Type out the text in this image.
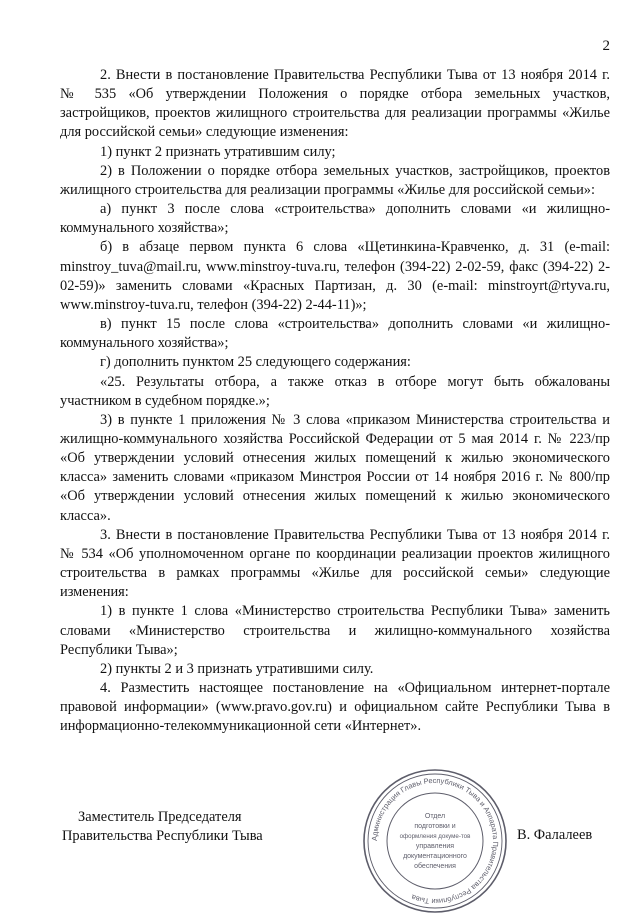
2

2. Внести в постановление Правительства Республики Тыва от 13 ноября 2014 г. № 535 «Об утверждении Положения о порядке отбора земельных участков, застройщиков, проектов жилищного строительства для реализации программы «Жилье для российской семьи» следующие изменения:

1) пункт 2 признать утратившим силу;

2) в Положении о порядке отбора земельных участков, застройщиков, проектов жилищного строительства для реализации программы «Жилье для российской семьи»:

а) пункт 3 после слова «строительства» дополнить словами «и жилищно-коммунального хозяйства»;

б) в абзаце первом пункта 6 слова «Щетинкина-Кравченко, д. 31 (e-mail: minstroy_tuva@mail.ru, www.minstroy-tuva.ru, телефон (394-22) 2-02-59, факс (394-22) 2-02-59)» заменить словами «Красных Партизан, д. 30 (e-mail: minstroyrt@rtyva.ru, www.minstroy-tuva.ru, телефон (394-22) 2-44-11)»;

в) пункт 15 после слова «строительства» дополнить словами «и жилищно-коммунального хозяйства»;

г) дополнить пунктом 25 следующего содержания:

«25. Результаты отбора, а также отказ в отборе могут быть обжалованы участником в судебном порядке.»;

3) в пункте 1 приложения № 3 слова «приказом Министерства строительства и жилищно-коммунального хозяйства Российской Федерации от 5 мая 2014 г. № 223/пр «Об утверждении условий отнесения жилых помещений к жилью экономического класса» заменить словами «приказом Минстроя России от 14 ноября 2016 г. № 800/пр «Об утверждении условий отнесения жилых помещений к жилью экономического класса».

3. Внести в постановление Правительства Республики Тыва от 13 ноября 2014 г. № 534 «Об уполномоченном органе по координации реализации проектов жилищного строительства в рамках программы «Жилье для российской семьи» следующие изменения:

1) в пункте 1 слова «Министерство строительства Республики Тыва» заменить словами «Министерство строительства и жилищно-коммунального хозяйства Республики Тыва»;

2) пункты 2 и 3 признать утратившими силу.

4. Разместить настоящее постановление на «Официальном интернет-портале правовой информации» (www.pravo.gov.ru) и официальном сайте Республики Тыва в информационно-телекоммуникационной сети «Интернет».

Заместитель Председателя
Правительства Республики Тыва	Администрация Главы Республики Тыва и Аппарата Правительства Республики Тыва
Отдел
подготовки и
оформления докуме-тов
управления
документационного
обеспечения
В. Фалалеев
